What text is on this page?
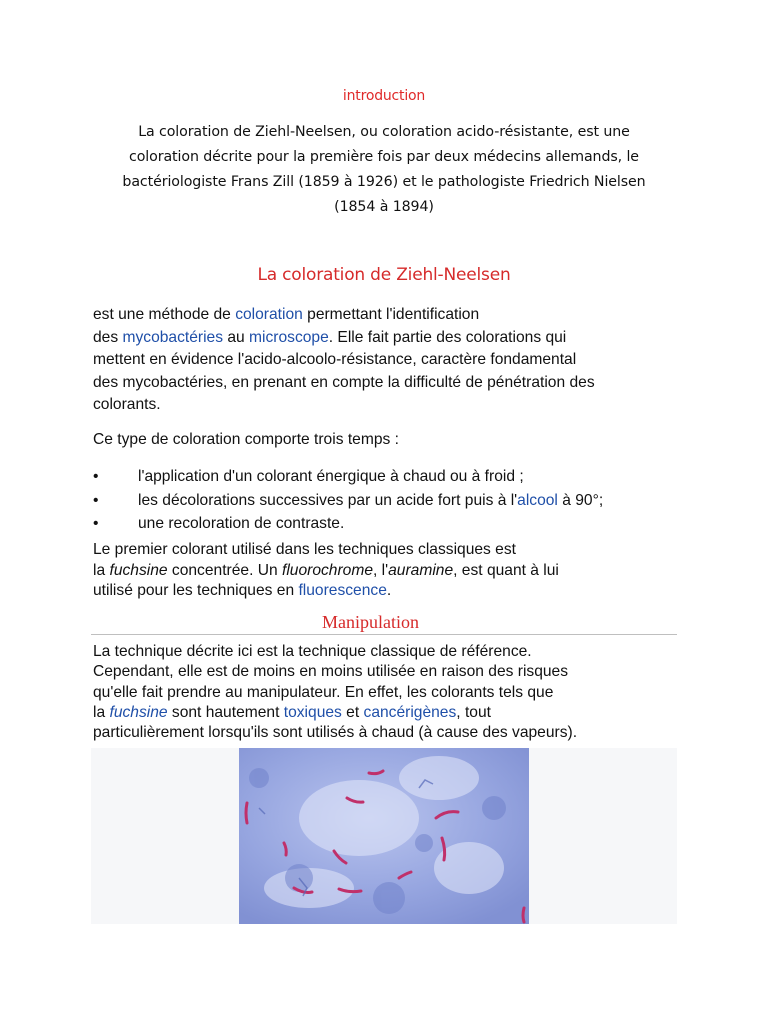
introduction
La coloration de Ziehl-Neelsen, ou coloration acido-résistante, est une
coloration décrite pour la première fois par deux médecins allemands, le
bactériologiste Frans Zill (1859 à 1926) et le pathologiste Friedrich Nielsen
(1854 à 1894)
La coloration de Ziehl-Neelsen
est une méthode de coloration permettant l'identification
des mycobactéries au microscope. Elle fait partie des colorations qui
mettent en évidence l'acido-alcoolo-résistance, caractère fondamental
des mycobactéries, en prenant en compte la difficulté de pénétration des
colorants.
Ce type de coloration comporte trois temps :
•	l'application d'un colorant énergique à chaud ou à froid ;
•	les décolorations successives par un acide fort puis à l'alcool à 90°;
•	une recoloration de contraste.
Le premier colorant utilisé dans les techniques classiques est
la fuchsine concentrée. Un fluorochrome, l'auramine, est quant à lui
utilisé pour les techniques en fluorescence.
Manipulation
La technique décrite ici est la technique classique de référence.
Cependant, elle est de moins en moins utilisée en raison des risques
qu'elle fait prendre au manipulateur. En effet, les colorants tels que
la fuchsine sont hautement toxiques et cancérigènes, tout
particulièrement lorsqu'ils sont utilisés à chaud (à cause des vapeurs).
